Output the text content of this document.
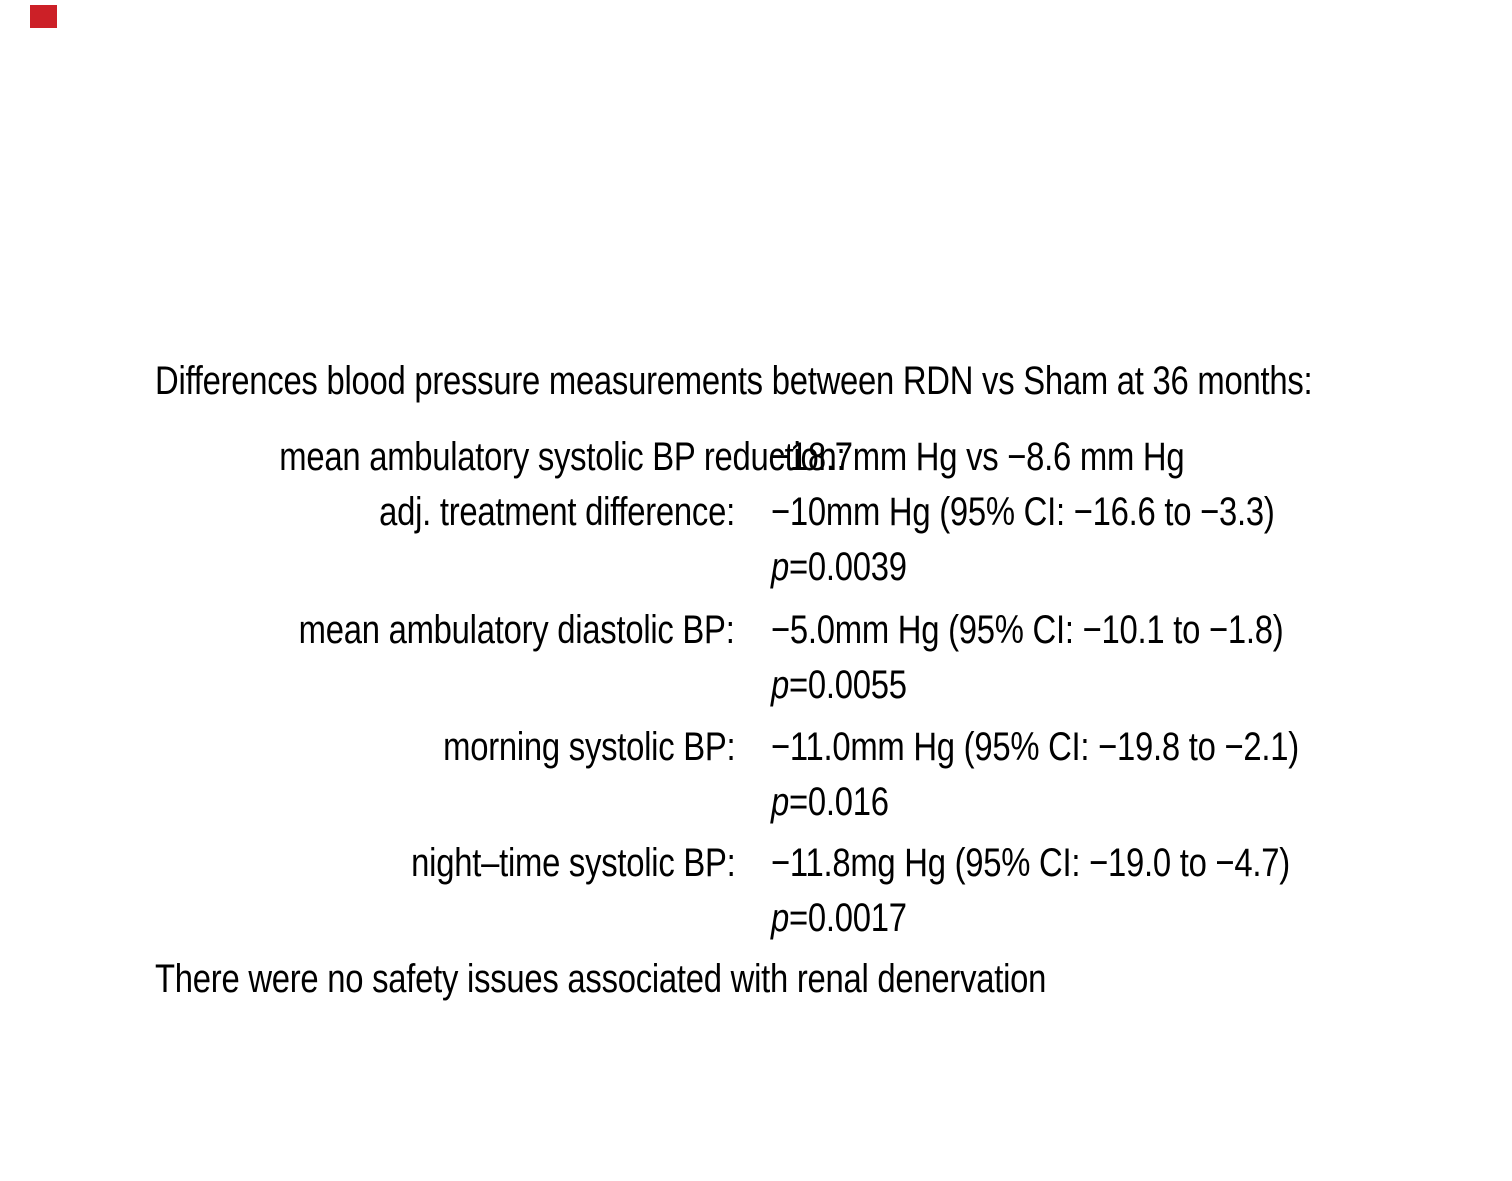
Differences blood pressure measurements between RDN vs Sham at 36 months:
mean ambulatory systolic BP reduction:
−18.7mm Hg vs −8.6 mm Hg
adj. treatment difference: −10mm Hg (95% CI: −16.6 to −3.3)
p=0.0039
mean ambulatory diastolic BP: −5.0mm Hg (95% CI: −10.1 to −1.8)
p=0.0055
morning systolic BP: −11.0mm Hg (95% CI: −19.8 to −2.1)
p=0.016
night–time systolic BP: −11.8mg Hg (95% CI: −19.0 to −4.7)
p=0.0017
There were no safety issues associated with renal denervation
